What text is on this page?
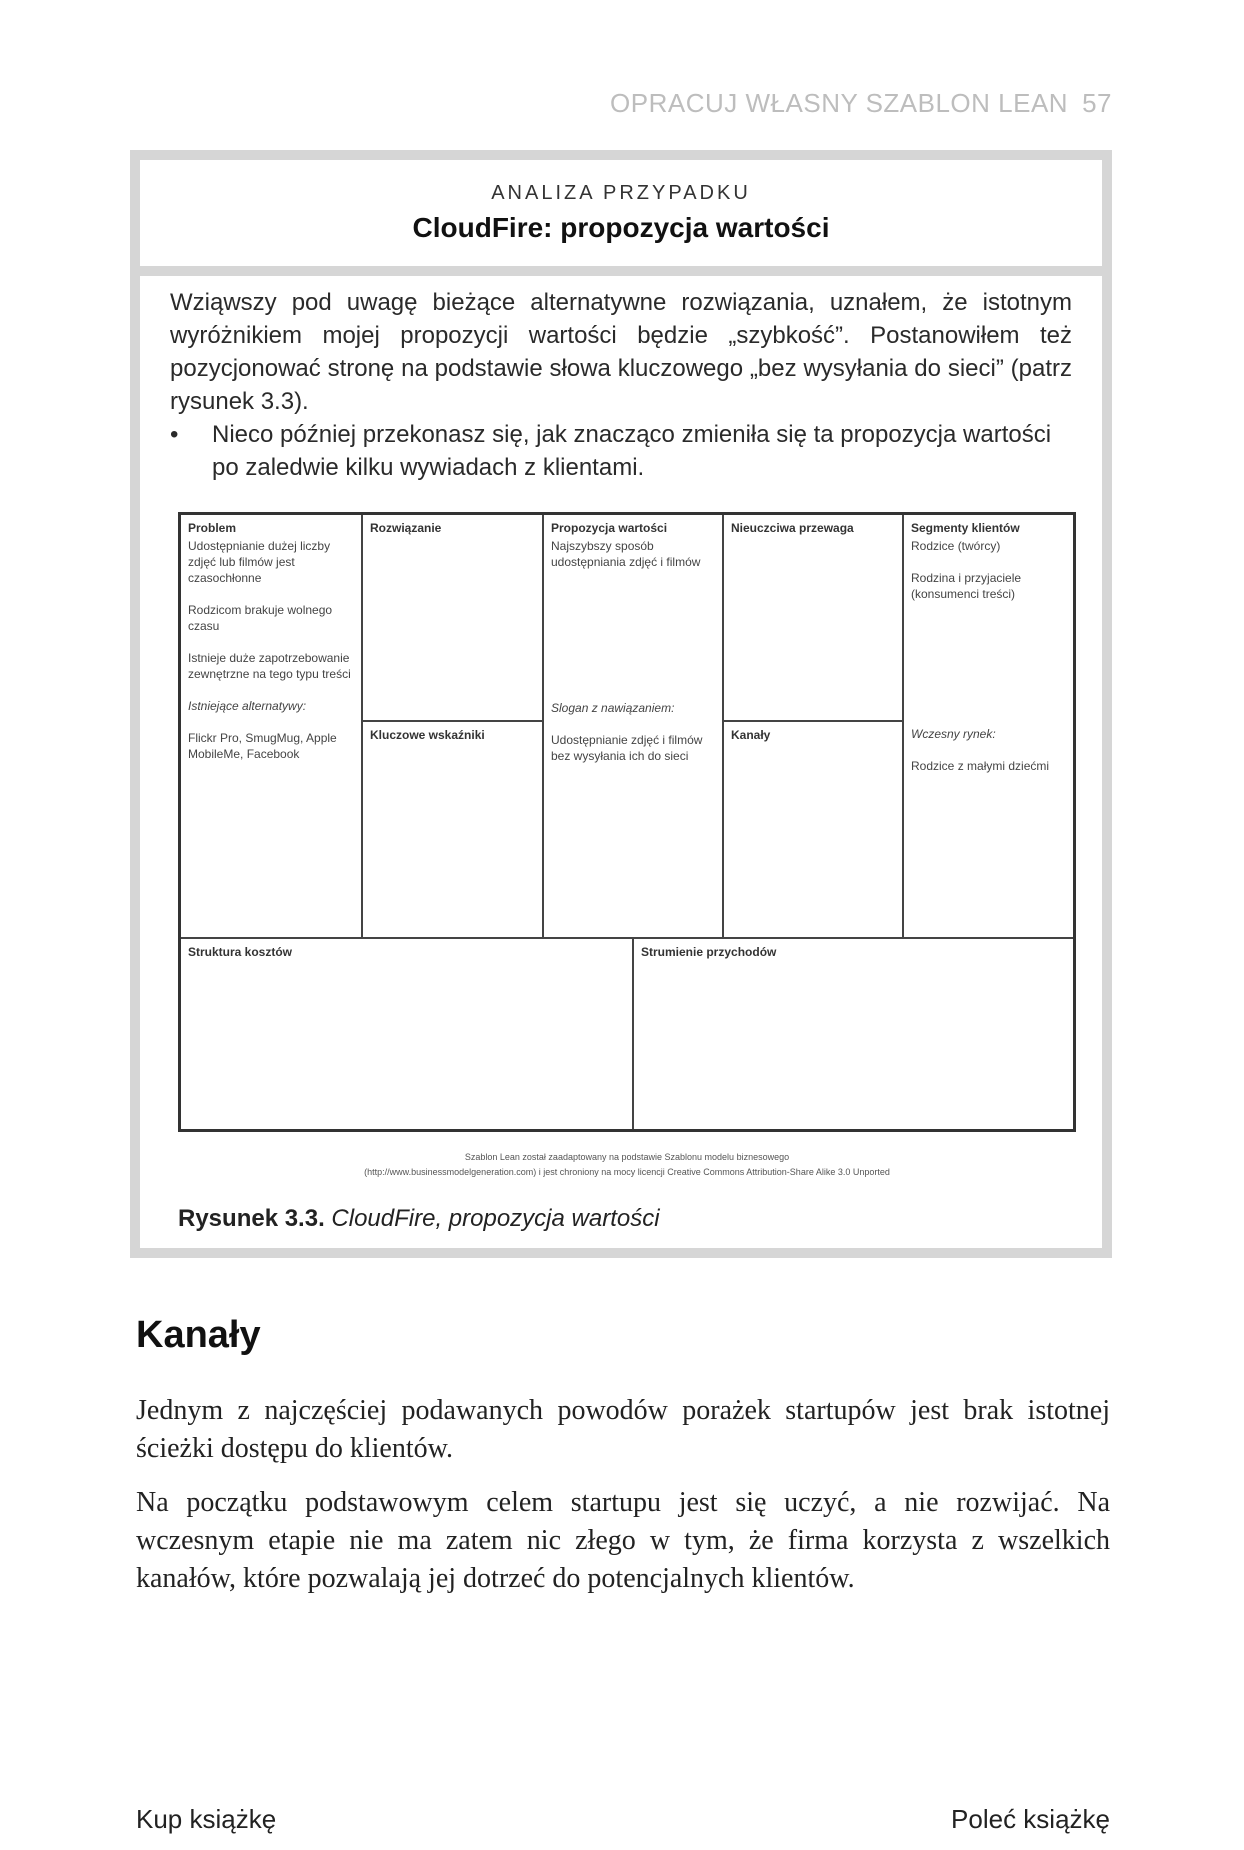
OPRACUJ WŁASNY SZABLON LEAN 57
ANALIZA PRZYPADKU
CloudFire: propozycja wartości

Wziąwszy pod uwagę bieżące alternatywne rozwiązania, uznałem, że istotnym wyróżnikiem mojej propozycji wartości będzie „szybkość”. Postanowiłem też pozycjonować stronę na podstawie słowa kluczowego „bez wysyłania do sieci” (patrz rysunek 3.3).

• Nieco później przekonasz się, jak znacząco zmieniła się ta propozycja wartości po zaledwie kilku wywiadach z klientami.

Problem
Udostępnianie dużej liczby zdjęć lub filmów jest czasochłonne
Rodzicom brakuje wolnego czasu
Istnieje duże zapotrzebowanie zewnętrzne na tego typu treści
Istniejące alternatywy:
Flickr Pro, SmugMug, Apple MobileMe, Facebook
Rozwiązanie
Kluczowe wskaźniki
Propozycja wartości
Najszybszy sposób udostępniania zdjęć i filmów
Slogan z nawiązaniem:
Udostępnianie zdjęć i filmów bez wysyłania ich do sieci
Nieuczciwa przewaga
Kanały
Segmenty klientów
Rodzice (twórcy)
Rodzina i przyjaciele (konsumenci treści)
Wczesny rynek:
Rodzice z małymi dziećmi
Struktura kosztów	Strumienie przychodów
Szablon Lean został zaadaptowany na podstawie Szablonu modelu biznesowego
(http://www.businessmodelgeneration.com) i jest chroniony na mocy licencji Creative Commons Attribution-Share Alike 3.0 Unported
Rysunek 3.3. CloudFire, propozycja wartości
Kanały

Jednym z najczęściej podawanych powodów porażek startupów jest brak istotnej ścieżki dostępu do klientów.

Na początku podstawowym celem startupu jest się uczyć, a nie rozwijać. Na wczesnym etapie nie ma zatem nic złego w tym, że firma korzysta z wszelkich kanałów, które pozwalają jej dotrzeć do potencjalnych klientów.

Kup książkę	Poleć książkę
